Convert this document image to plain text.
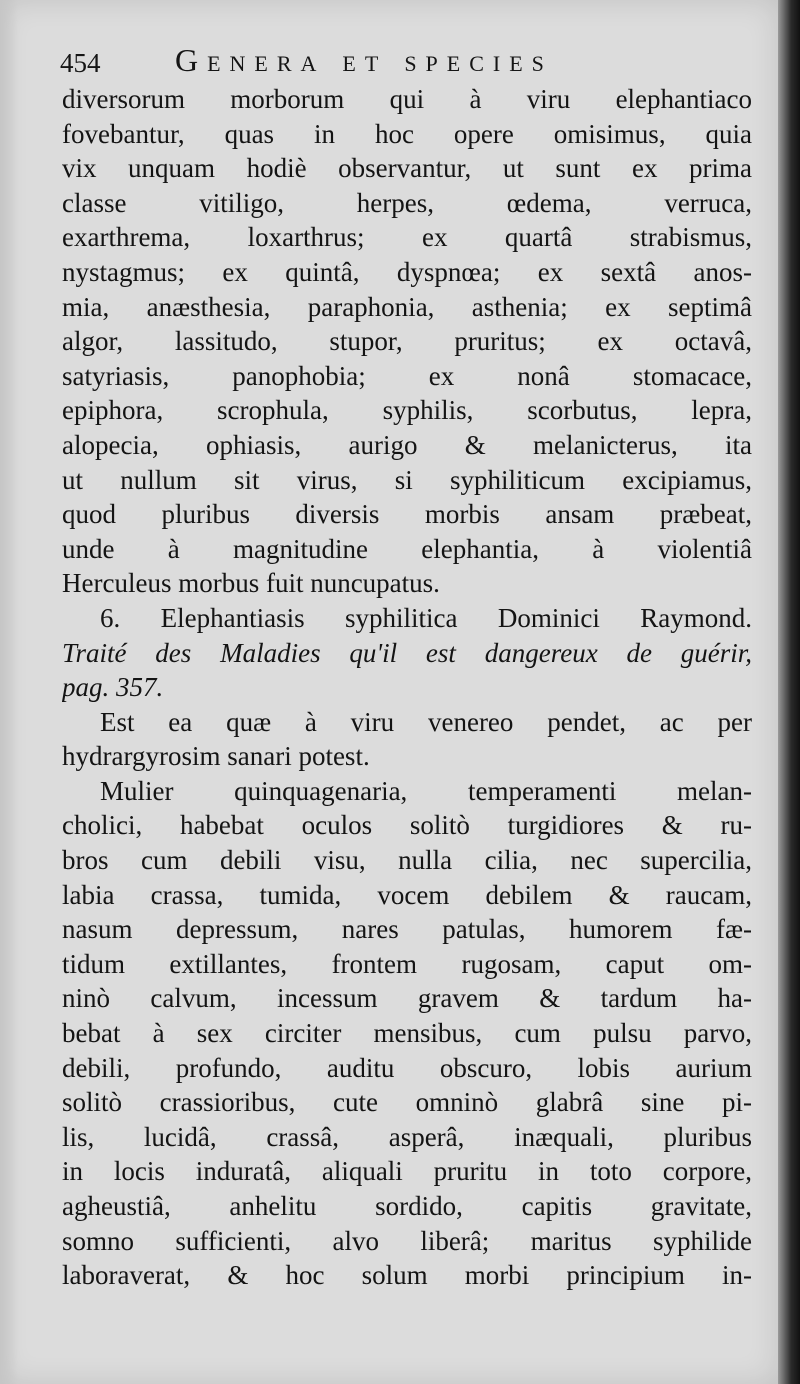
454 Genera et species
diversorum morborum qui à viru elephantiaco
fovebantur, quas in hoc opere omisimus, quia
vix unquam hodiè observantur, ut sunt ex prima
classe vitiligo, herpes, œdema, verruca,
exarthrema, loxarthrus; ex quartâ strabismus,
nystagmus; ex quintâ, dyspnœa; ex sextâ anos-
mia, anæsthesia, paraphonia, asthenia; ex septimâ
algor, lassitudo, stupor, pruritus; ex octavâ,
satyriasis, panophobia; ex nonâ stomacace,
epiphora, scrophula, syphilis, scorbutus, lepra,
alopecia, ophiasis, aurigo & melanicterus, ita
ut nullum sit virus, si syphiliticum excipiamus,
quod pluribus diversis morbis ansam præbeat,
unde à magnitudine elephantia, à violentiâ
Herculeus morbus fuit nuncupatus.
6. Elephantiasis syphilitica Dominici Raymond.
Traité des Maladies qu'il est dangereux de guérir,
pag. 357.
Est ea quæ à viru venereo pendet, ac per
hydrargyrosim sanari potest.
Mulier quinquagenaria, temperamenti melan-
cholici, habebat oculos solitò turgidiores & ru-
bros cum debili visu, nulla cilia, nec supercilia,
labia crassa, tumida, vocem debilem & raucam,
nasum depressum, nares patulas, humorem fæ-
tidum extillantes, frontem rugosam, caput om-
ninò calvum, incessum gravem & tardum ha-
bebat à sex circiter mensibus, cum pulsu parvo,
debili, profundo, auditu obscuro, lobis aurium
solitò crassioribus, cute omninò glabrâ sine pi-
lis, lucidâ, crassâ, asperâ, inæquali, pluribus
in locis induratâ, aliquali pruritu in toto corpore,
agheustiâ, anhelitu sordido, capitis gravitate,
somno sufficienti, alvo liberâ; maritus syphilide
laboraverat, & hoc solum morbi principium in-
